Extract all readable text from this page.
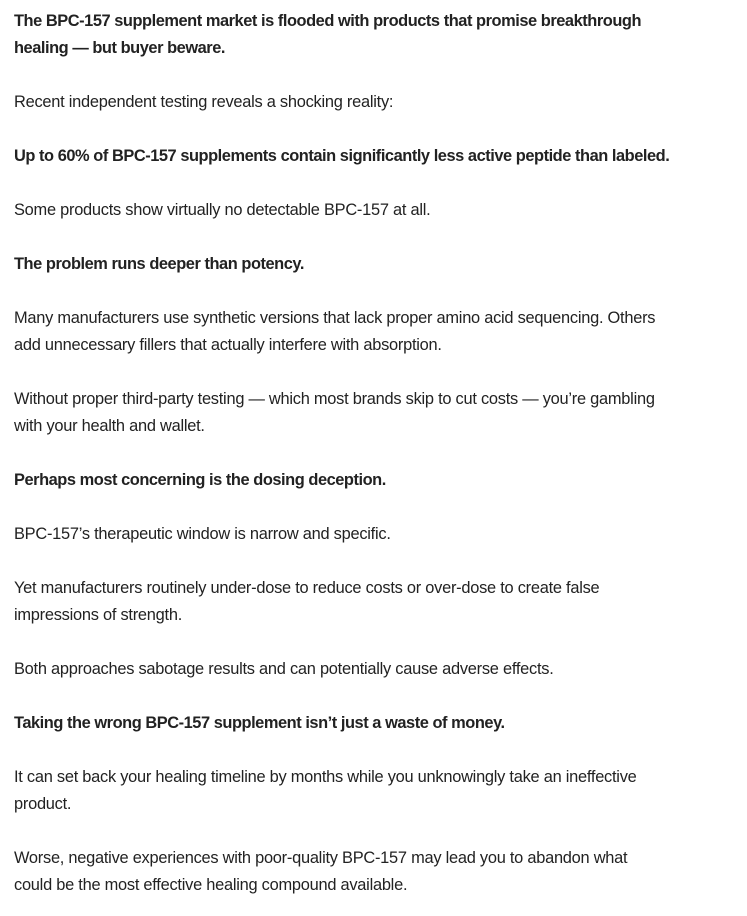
The BPC-157 supplement market is flooded with products that promise breakthrough
healing — but buyer beware.

Recent independent testing reveals a shocking reality:

Up to 60% of BPC-157 supplements contain significantly less active peptide than labeled.

Some products show virtually no detectable BPC-157 at all.

The problem runs deeper than potency.

Many manufacturers use synthetic versions that lack proper amino acid sequencing. Others
add unnecessary fillers that actually interfere with absorption.

Without proper third-party testing — which most brands skip to cut costs — you’re gambling
with your health and wallet.

Perhaps most concerning is the dosing deception.

BPC-157’s therapeutic window is narrow and specific.

Yet manufacturers routinely under-dose to reduce costs or over-dose to create false
impressions of strength.

Both approaches sabotage results and can potentially cause adverse effects.

Taking the wrong BPC-157 supplement isn’t just a waste of money.

It can set back your healing timeline by months while you unknowingly take an ineffective
product.

Worse, negative experiences with poor-quality BPC-157 may lead you to abandon what
could be the most effective healing compound available.
